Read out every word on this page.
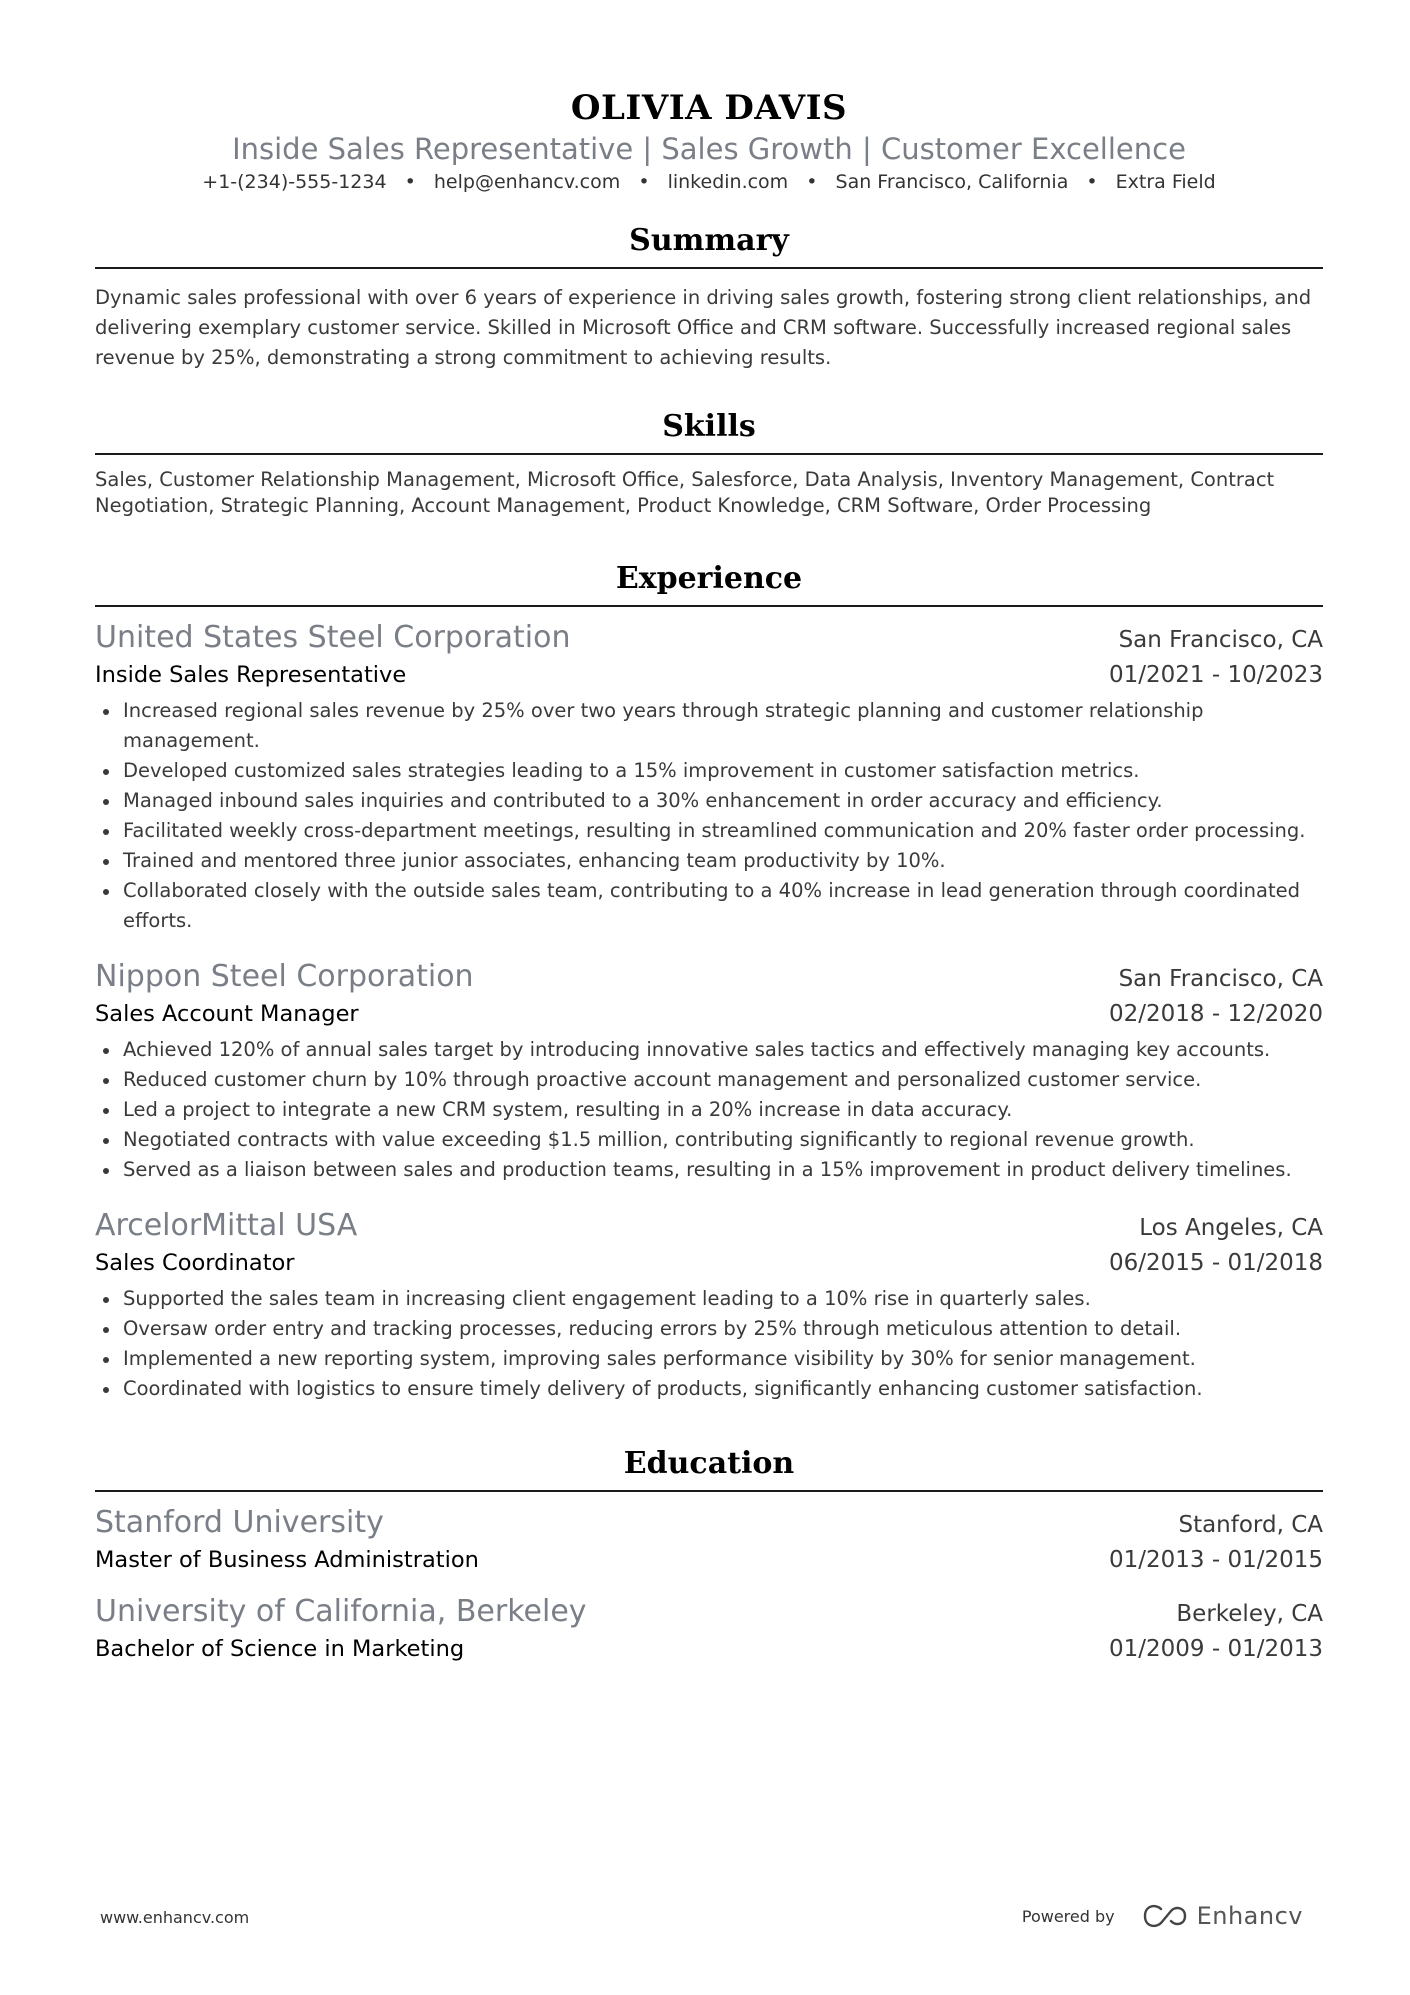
OLIVIA DAVIS
Inside Sales Representative | Sales Growth | Customer Excellence
+1-(234)-555-1234 • help@enhancv.com • linkedin.com • San Francisco, California • Extra Field
Summary
Dynamic sales professional with over 6 years of experience in driving sales growth, fostering strong client relationships, and delivering exemplary customer service. Skilled in Microsoft Office and CRM software. Successfully increased regional sales revenue by 25%, demonstrating a strong commitment to achieving results.
Skills
Sales, Customer Relationship Management, Microsoft Office, Salesforce, Data Analysis, Inventory Management, Contract Negotiation, Strategic Planning, Account Management, Product Knowledge, CRM Software, Order Processing
Experience
United States Steel Corporation	San Francisco, CA
Inside Sales Representative	01/2021 - 10/2023
Increased regional sales revenue by 25% over two years through strategic planning and customer relationship management.
Developed customized sales strategies leading to a 15% improvement in customer satisfaction metrics.
Managed inbound sales inquiries and contributed to a 30% enhancement in order accuracy and efficiency.
Facilitated weekly cross-department meetings, resulting in streamlined communication and 20% faster order processing.
Trained and mentored three junior associates, enhancing team productivity by 10%.
Collaborated closely with the outside sales team, contributing to a 40% increase in lead generation through coordinated efforts.
Nippon Steel Corporation	San Francisco, CA
Sales Account Manager	02/2018 - 12/2020
Achieved 120% of annual sales target by introducing innovative sales tactics and effectively managing key accounts.
Reduced customer churn by 10% through proactive account management and personalized customer service.
Led a project to integrate a new CRM system, resulting in a 20% increase in data accuracy.
Negotiated contracts with value exceeding $1.5 million, contributing significantly to regional revenue growth.
Served as a liaison between sales and production teams, resulting in a 15% improvement in product delivery timelines.
ArcelorMittal USA	Los Angeles, CA
Sales Coordinator	06/2015 - 01/2018
Supported the sales team in increasing client engagement leading to a 10% rise in quarterly sales.
Oversaw order entry and tracking processes, reducing errors by 25% through meticulous attention to detail.
Implemented a new reporting system, improving sales performance visibility by 30% for senior management.
Coordinated with logistics to ensure timely delivery of products, significantly enhancing customer satisfaction.
Education
Stanford University	Stanford, CA
Master of Business Administration	01/2013 - 01/2015
University of California, Berkeley	Berkeley, CA
Bachelor of Science in Marketing	01/2009 - 01/2013
www.enhancv.com	Powered by	Enhancv
